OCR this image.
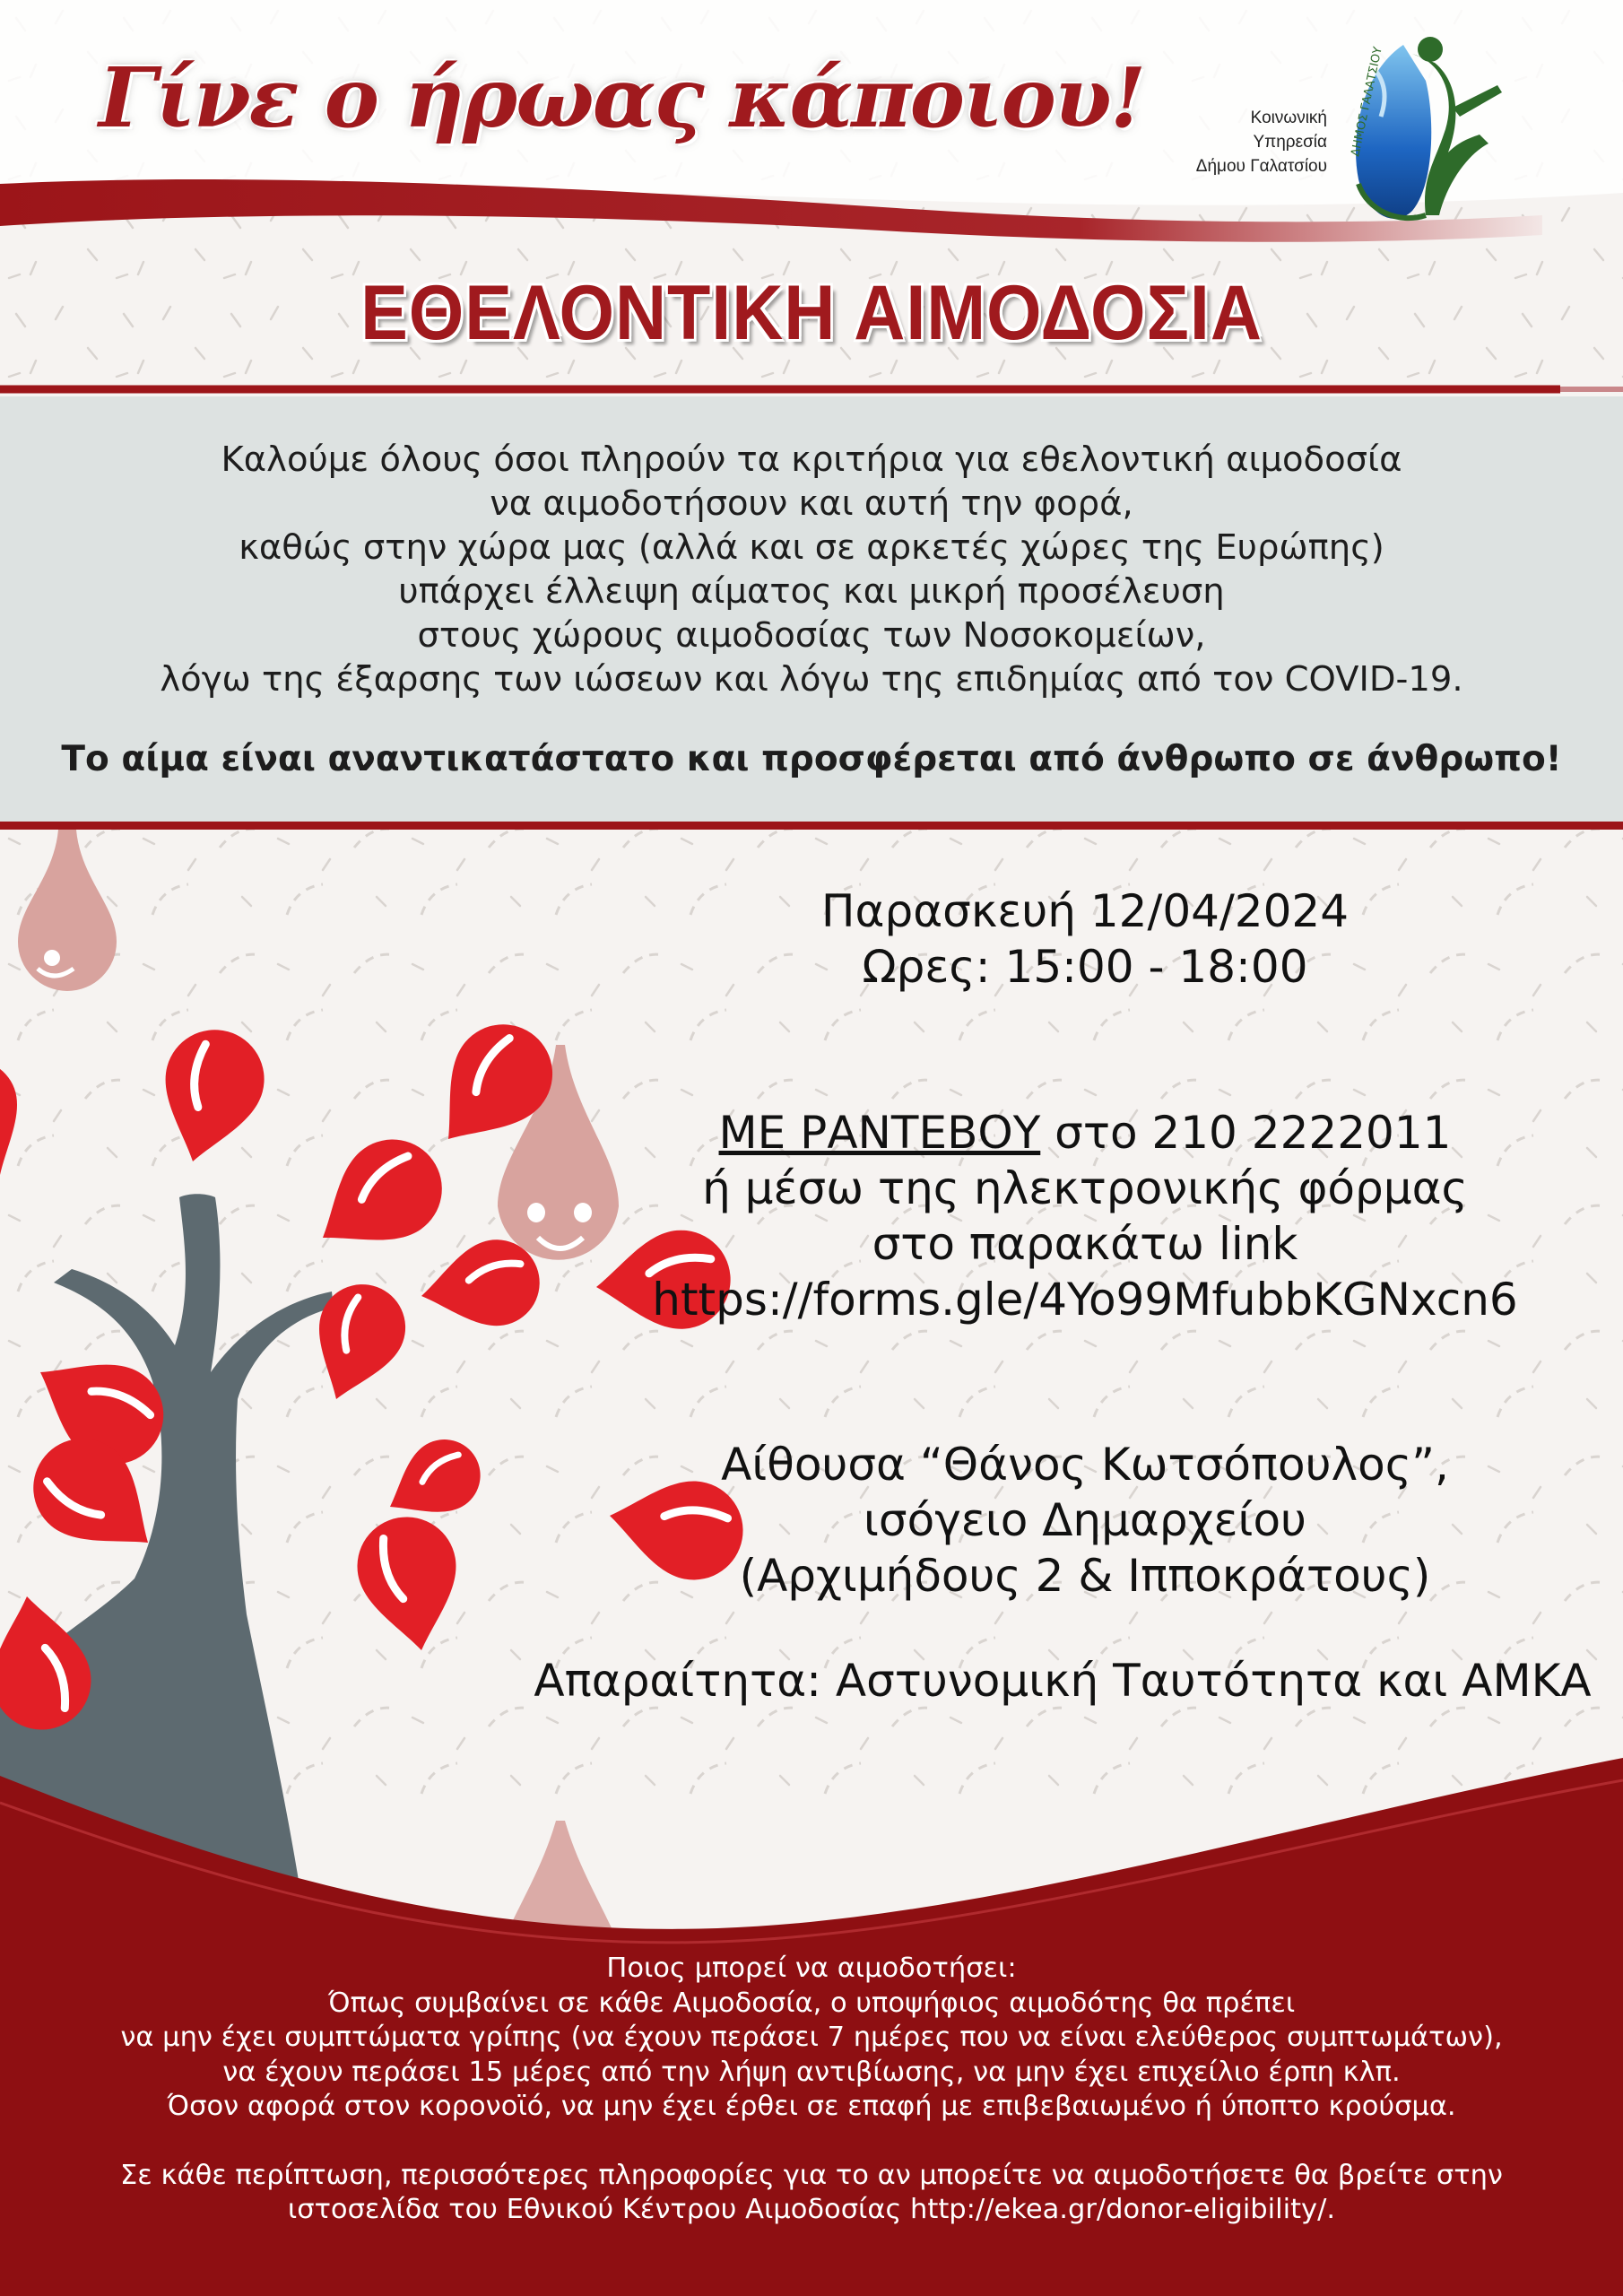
ΔΗΜΟΣ ΓΑΛΑΤΣΙΟΥ
Γίνε ο ήρωας κάποιου!	Κοινωνική
Υπηρεσία
Δήμου Γαλατσίου
ΕΘΕΛΟΝΤΙΚΗ ΑΙΜΟΔΟΣΙΑ
Καλούμε όλους όσοι πληρούν τα κριτήρια για εθελοντική αιμοδοσία
να αιμοδοτήσουν και αυτή την φορά,
καθώς στην χώρα μας (αλλά και σε αρκετές χώρες της Ευρώπης)
υπάρχει έλλειψη αίματος και μικρή προσέλευση
στους χώρους αιμοδοσίας των Νοσοκομείων,
λόγω της έξαρσης των ιώσεων και λόγω της επιδημίας από τον COVID-19.
Το αίμα είναι αναντικατάστατο και προσφέρεται από άνθρωπο σε άνθρωπο!
Παρασκευή 12/04/2024
Ωρες: 15:00 - 18:00
ΜΕ ΡΑΝΤΕΒΟΥ στο 210 2222011
ή μέσω της ηλεκτρονικής φόρμας
στο παρακάτω link
https://forms.gle/4Yo99MfubbKGNxcn6
Αίθουσα “Θάνος Κωτσόπουλος”,
ισόγειο Δημαρχείου
(Αρχιμήδους 2 & Ιπποκράτους)
Απαραίτητα: Αστυνομική Ταυτότητα και ΑΜΚΑ
Ποιος μπορεί να αιμοδοτήσει:
Όπως συμβαίνει σε κάθε Αιμοδοσία, ο υποψήφιος αιμοδότης θα πρέπει
να μην έχει συμπτώματα γρίπης (να έχουν περάσει 7 ημέρες που να είναι ελεύθερος συμπτωμάτων),
να έχουν περάσει 15 μέρες από την λήψη αντιβίωσης, να μην έχει επιχείλιο έρπη κλπ.
Όσον αφορά στον κορονοϊό, να μην έχει έρθει σε επαφή με επιβεβαιωμένο ή ύποπτο κρούσμα.
Σε κάθε περίπτωση, περισσότερες πληροφορίες για το αν μπορείτε να αιμοδοτήσετε θα βρείτε στην
ιστοσελίδα του Εθνικού Κέντρου Αιμοδοσίας http://ekea.gr/donor-eligibility/.
